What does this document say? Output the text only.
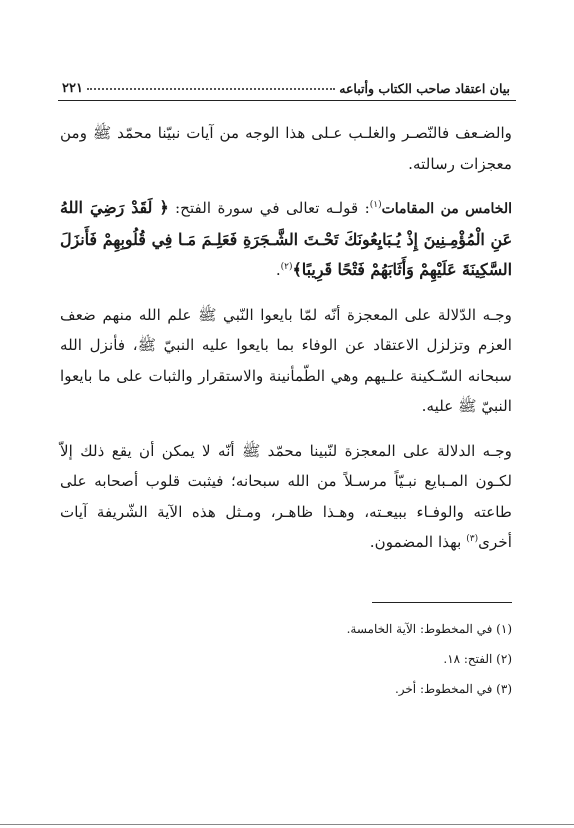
بيان اعتقاد صاحب الكتاب وأتباعه
٢٢١

والضـعف فالنّصـر والغلـب عـلى هذا الوجه من آيات نبيّنا محمّد ﷺ ومن معجزات رسالته.

الخامس من المقامات$^{(١)}$: قولـه تعالى في سورة الفتح: ﴿ لَقَدْ رَضِيَ اللهُ عَنِ الْمُؤْمِـنِينَ إِذْ يُـبَايِعُونَكَ تَحْـتَ الشَّـجَرَةِ فَعَلِـمَ مَـا فِي قُلُوبِهِمْ فَأَنزَلَ السَّكِينَةَ عَلَيْهِمْ وَأَثَابَهُمْ فَتْحًا قَرِيبًا﴾$^{(٢)}$.

وجـه الدّلالة على المعجزة أنّه لمّا بايعوا النّبي ﷺ علم الله منهم ضعف العزم وتزلزل الاعتقاد عن الوفاء بما بايعوا عليه النبيّ ﷺ، فأنزل الله سبحانه السّـكينة علـيهم وهي الطّمأنينة والاستقرار والثبات على ما بايعوا النبيّ ﷺ عليه.

وجـه الدلالة على المعجزة لنّبينا محمّد ﷺ أنّه لا يمكن أن يقع ذلك إلاّ لكـون المـبايع نبـيّاً مرسـلاً من الله سبحانه؛ فيثبت قلوب أصحابه على طاعته والوفـاء ببيعـته، وهـذا ظاهـر، ومـثل هذه الآية الشّريفة آيات أخرى$^{(٣)}$ بهذا المضمون.

(١) في المخطوط: الآية الخامسة.
(٢) الفتح: ١٨.
(٣) في المخطوط: أخر.
